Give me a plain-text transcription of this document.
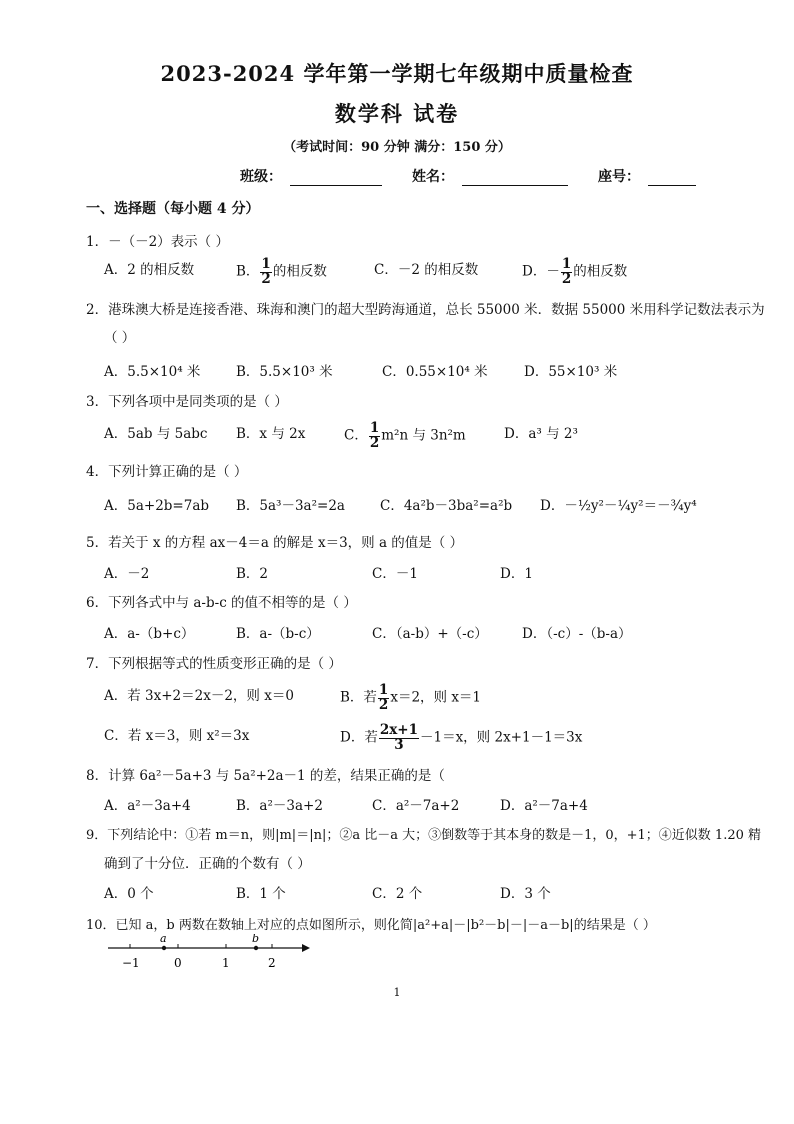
2023-2024 学年第一学期七年级期中质量检查
数学科 试卷
（考试时间：90 分钟 满分：150 分）
班级：	姓名：	座号：
一、选择题（每小题 4 分）
1．－（－2）表示（ ）
A．2 的相反数	B． $\frac{1}{2}$ 的相反数	C．－2 的相反数	D．－ $\frac{1}{2}$ 的相反数
2．港珠澳大桥是连接香港、珠海和澳门的超大型跨海通道，总长 55000 米．数据 55000 米用科学记数法表示为
（ ）
A．5.5×10⁴ 米	B．5.5×10³ 米	C．0.55×10⁴ 米	D．55×10³ 米
3．下列各项中是同类项的是（ ）
A．5ab 与 5abc B．x 与 2x	C． $\frac{1}{2} m^2n$ 与 3n²m	D．a³ 与 2³
4．下列计算正确的是（ ）
A．5a+2b=7ab B．5a³－3a²=2a	C．4a²b－3ba²=a²b D．－½y²－¼y²＝－¾y⁴
5．若关于 x 的方程 ax－4＝a 的解是 x＝3，则 a 的值是（ ）
A．－2	B．2	C．－1	D．1
6．下列各式中与 a-b-c 的值不相等的是（ ）
A．a-（b+c）	B．a-（b-c）	C．（a-b）+（-c）	D．（-c）-（b-a）
7．下列根据等式的性质变形正确的是（ ）
A．若 3x+2＝2x－2，则 x＝0	B．若 $\frac{1}{2} x=2$，则 x＝1
C．若 x＝3，则 x²＝3x	D．若 $\frac{2x+1}{3} -1=x$，则 2x+1－1＝3x
8．计算 6a²－5a+3 与 5a²+2a－1 的差，结果正确的是（
A．a²－3a+4	B．a²－3a+2	C．a²－7a+2	D．a²－7a+4
9．下列结论中：①若 m＝n，则|m|＝|n|；②a 比－a 大；③倒数等于其本身的数是－1，0，+1；④近似数 1.20 精
确到了十分位．正确的个数有（ ）
A．0 个	B．1 个	C．2 个	D．3 个
10．已知 a，b 两数在数轴上对应的点如图所示，则化简|a²+a|－|b²－b|－|－a－b|的结果是（ ）
a	b
−1	0	1	2
1
